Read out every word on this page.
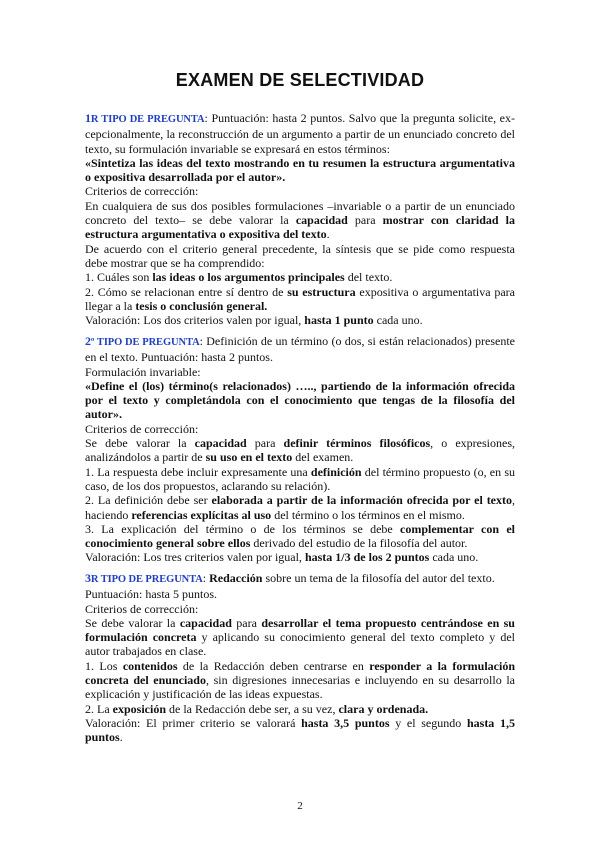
EXAMEN DE SELECTIVIDAD

1R TIPO DE PREGUNTA: Puntuación: hasta 2 puntos. Salvo que la pregunta solicite, ex- cepcionalmente, la reconstrucción de un argumento a partir de un enunciado concreto del texto, su formulación invariable se expresará en estos términos:

«Sintetiza las ideas del texto mostrando en tu resumen la estructura argumentativa o expositiva desarrollada por el autor».

Criterios de corrección:

En cualquiera de sus dos posibles formulaciones –invariable o a partir de un enunciado concreto del texto– se debe valorar la capacidad para mostrar con claridad la estructura argumentativa o expositiva del texto.

De acuerdo con el criterio general precedente, la síntesis que se pide como respuesta debe mostrar que se ha comprendido:

1. Cuáles son las ideas o los argumentos principales del texto.

2. Cómo se relacionan entre sí dentro de su estructura expositiva o argumentativa para llegar a la tesis o conclusión general.

Valoración: Los dos criterios valen por igual, hasta 1 punto cada uno.

2º TIPO DE PREGUNTA: Definición de un término (o dos, si están relacionados) presente en el texto. Puntuación: hasta 2 puntos.

Formulación invariable:

«Define el (los) término(s relacionados) ….., partiendo de la información ofrecida por el texto y completándola con el conocimiento que tengas de la filosofía del autor».

Criterios de corrección:

Se debe valorar la capacidad para definir términos filosóficos, o expresiones, analizándolos a partir de su uso en el texto del examen.

1. La respuesta debe incluir expresamente una definición del término propuesto (o, en su caso, de los dos propuestos, aclarando su relación).

2. La definición debe ser elaborada a partir de la información ofrecida por el texto, haciendo referencias explícitas al uso del término o los términos en el mismo.

3. La explicación del término o de los términos se debe complementar con el conocimiento general sobre ellos derivado del estudio de la filosofía del autor.

Valoración: Los tres criterios valen por igual, hasta 1/3 de los 2 puntos cada uno.

3R TIPO DE PREGUNTA: Redacción sobre un tema de la filosofía del autor del texto.

Puntuación: hasta 5 puntos.

Criterios de corrección:

Se debe valorar la capacidad para desarrollar el tema propuesto centrándose en su formulación concreta y aplicando su conocimiento general del texto completo y del autor trabajados en clase.

1. Los contenidos de la Redacción deben centrarse en responder a la formulación concreta del enunciado, sin digresiones innecesarias e incluyendo en su desarrollo la explicación y justificación de las ideas expuestas.

2. La exposición de la Redacción debe ser, a su vez, clara y ordenada.

Valoración: El primer criterio se valorará hasta 3,5 puntos y el segundo hasta 1,5 puntos.

2
